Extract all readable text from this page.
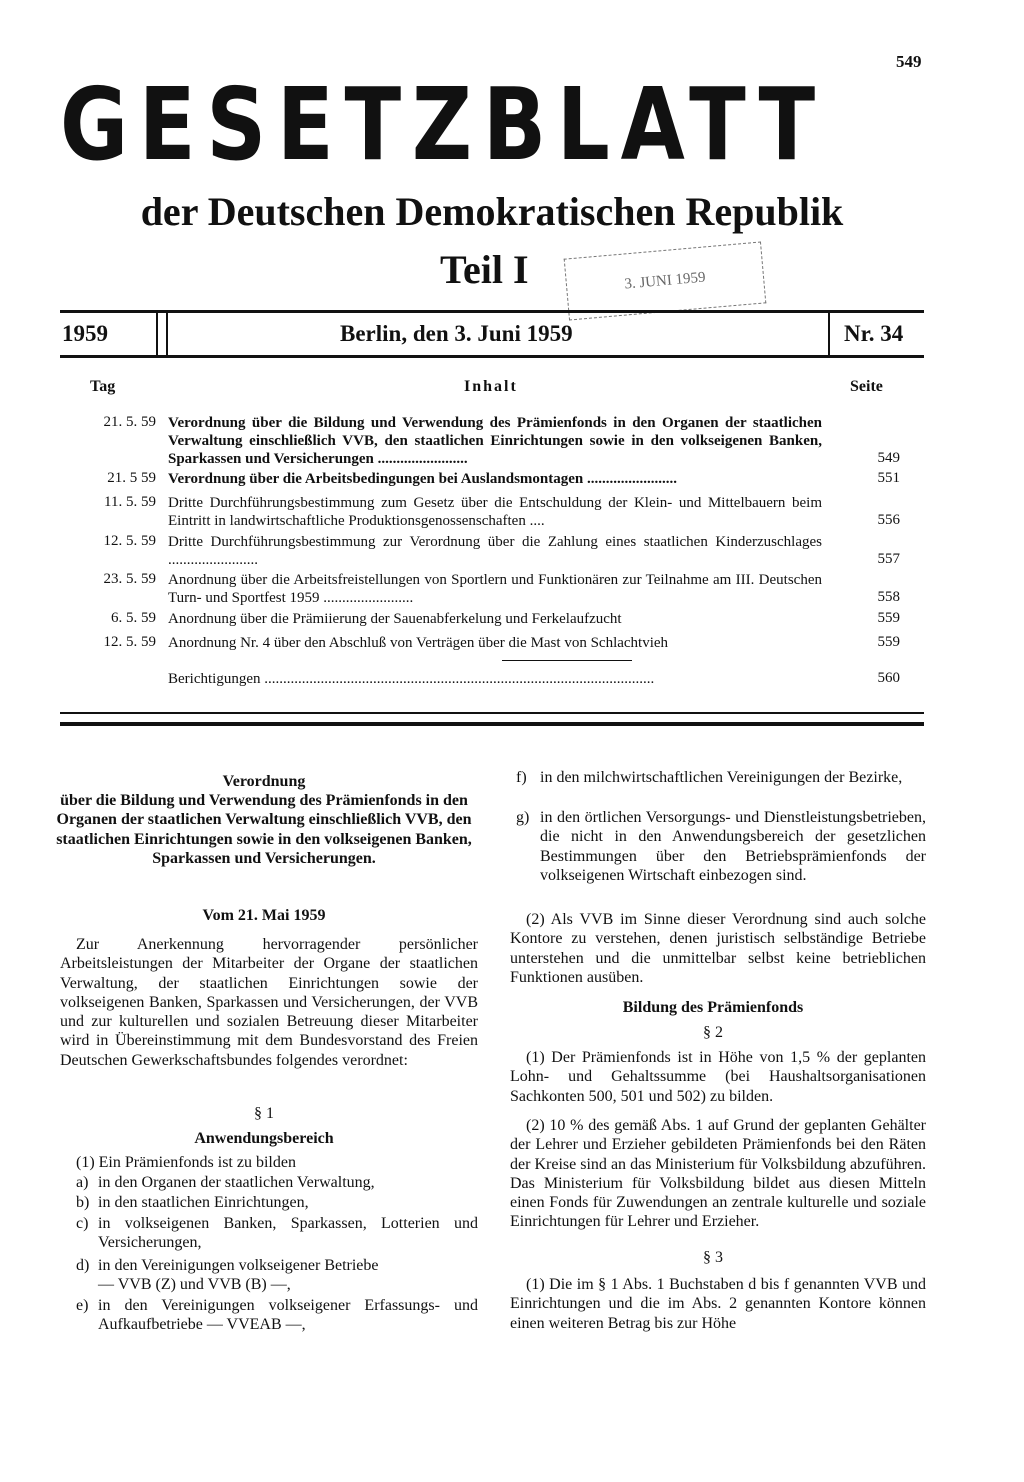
549
GESETZBLATT
der Deutschen Demokratischen Republik
Teil I	3. JUNI 1959
1959	Berlin, den 3. Juni 1959	Nr. 34
Tag	Inhalt	Seite
21. 5. 59 Verordnung über die Bildung und Verwendung des Prämienfonds in den Organen der staatlichen Verwaltung einschließlich VVB, den staatlichen Einrichtungen sowie in den volkseigenen Banken, Sparkassen und Versicherungen ........................	549
21. 5 59 Verordnung über die Arbeitsbedingungen bei Auslandsmontagen ........................	551
11. 5. 59 Dritte Durchführungsbestimmung zum Gesetz über die Entschuldung der Klein- und Mittelbauern beim Eintritt in landwirtschaftliche Produktionsgenossenschaften ....	556
12. 5. 59 Dritte Durchführungsbestimmung zur Verordnung über die Zahlung eines staatlichen Kinderzuschlages ........................	557
23. 5. 59 Anordnung über die Arbeitsfreistellungen von Sportlern und Funktionären zur Teilnahme am III. Deutschen Turn- und Sportfest 1959 ........................	558
6. 5. 59 Anordnung über die Prämiierung der Sauenabferkelung und Ferkelaufzucht	559
12. 5. 59 Anordnung Nr. 4 über den Abschluß von Verträgen über die Mast von Schlachtvieh	559
Berichtigungen ........................................................................................................	560
Verordnung
über die Bildung und Verwendung des Prämienfonds in den Organen der staatlichen Verwaltung einschließlich VVB, den staatlichen Einrichtungen sowie in den volkseigenen Banken, Sparkassen und Versicherungen.
Vom 21. Mai 1959
Zur Anerkennung hervorragender persönlicher Arbeitsleistungen der Mitarbeiter der Organe der staatlichen Verwaltung, der staatlichen Einrichtungen sowie der volkseigenen Banken, Sparkassen und Versicherungen, der VVB und zur kulturellen und sozialen Betreuung dieser Mitarbeiter wird in Übereinstimmung mit dem Bundesvorstand des Freien Deutschen Gewerkschaftsbundes folgendes verordnet:
§ 1
Anwendungsbereich
(1) Ein Prämienfonds ist zu bilden
a) in den Organen der staatlichen Verwaltung,
b) in den staatlichen Einrichtungen,
c) in volkseigenen Banken, Sparkassen, Lotterien und Versicherungen,
d) in den Vereinigungen volkseigener Betriebe — VVB (Z) und VVB (B) —,
e) in den Vereinigungen volkseigener Erfassungs- und Aufkaufbetriebe — VVEAB —,
f) in den milchwirtschaftlichen Vereinigungen der Bezirke,
g) in den örtlichen Versorgungs- und Dienstleistungsbetrieben, die nicht in den Anwendungsbereich der gesetzlichen Bestimmungen über den Betriebsprämienfonds der volkseigenen Wirtschaft einbezogen sind.
(2) Als VVB im Sinne dieser Verordnung sind auch solche Kontore zu verstehen, denen juristisch selbständige Betriebe unterstehen und die unmittelbar selbst keine betrieblichen Funktionen ausüben.
Bildung des Prämienfonds
§ 2
(1) Der Prämienfonds ist in Höhe von 1,5 % der geplanten Lohn- und Gehaltssumme (bei Haushaltsorganisationen Sachkonten 500, 501 und 502) zu bilden.
(2) 10 % des gemäß Abs. 1 auf Grund der geplanten Gehälter der Lehrer und Erzieher gebildeten Prämienfonds bei den Räten der Kreise sind an das Ministerium für Volksbildung abzuführen. Das Ministerium für Volksbildung bildet aus diesen Mitteln einen Fonds für Zuwendungen an zentrale kulturelle und soziale Einrichtungen für Lehrer und Erzieher.
§ 3
(1) Die im § 1 Abs. 1 Buchstaben d bis f genannten VVB und Einrichtungen und die im Abs. 2 genannten Kontore können einen weiteren Betrag bis zur Höhe
